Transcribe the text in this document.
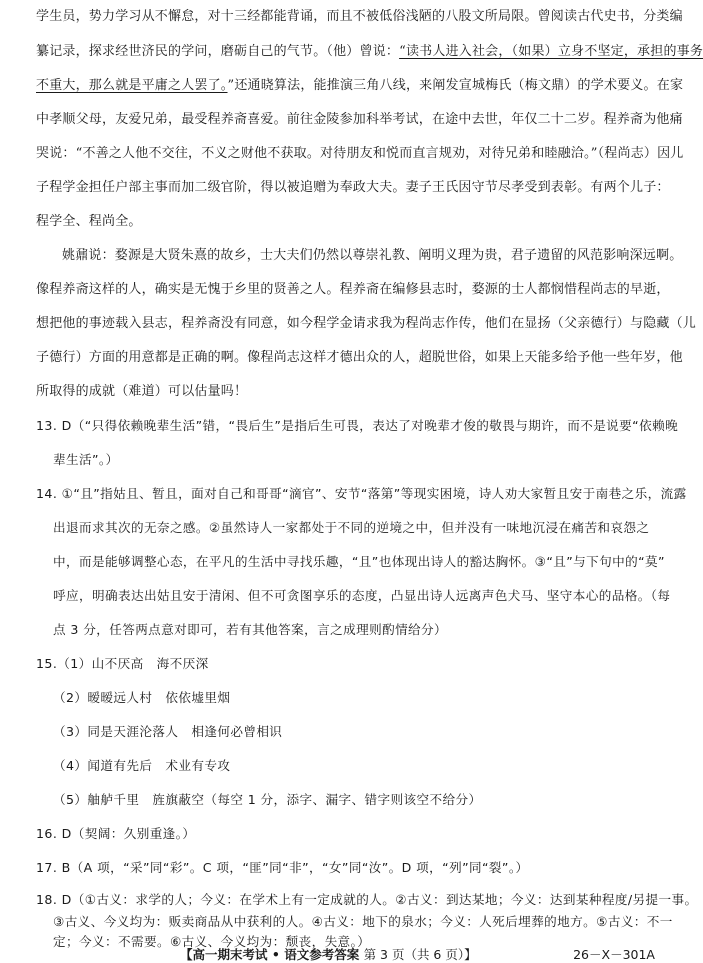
学生员，势力学习从不懈怠，对十三经都能背诵，而且不被低俗浅陋的八股文所局限。曾阅读古代史书，分类编
纂记录，探求经世济民的学问，磨砺自己的气节。（他）曾说：“读书人进入社会，（如果）立身不坚定，承担的事务
不重大，那么就是平庸之人罢了。”还通晓算法，能推演三角八线，来阐发宣城梅氏（梅文鼎）的学术要义。在家
中孝顺父母，友爱兄弟，最受程养斋喜爱。前往金陵参加科举考试，在途中去世，年仅二十二岁。程养斋为他痛
哭说：“不善之人他不交往，不义之财他不获取。对待朋友和悦而直言规劝，对待兄弟和睦融洽。”（程尚志）因儿
子程学金担任户部主事而加二级官阶，得以被追赠为奉政大夫。妻子王氏因守节尽孝受到表彰。有两个儿子：
程学全、程尚全。
姚鼐说：婺源是大贤朱熹的故乡，士大夫们仍然以尊崇礼教、阐明义理为贵，君子遗留的风范影响深远啊。
像程养斋这样的人，确实是无愧于乡里的贤善之人。程养斋在编修县志时，婺源的士人都悯惜程尚志的早逝，
想把他的事迹载入县志，程养斋没有同意，如今程学金请求我为程尚志作传，他们在显扬（父亲德行）与隐藏（儿
子德行）方面的用意都是正确的啊。像程尚志这样才德出众的人，超脱世俗，如果上天能多给予他一些年岁，他
所取得的成就（难道）可以估量吗！
13. D（“只得依赖晚辈生活”错，“畏后生”是指后生可畏，表达了对晚辈才俊的敬畏与期许，而不是说要“依赖晚
辈生活”。）
14. ①“且”指姑且、暂且，面对自己和哥哥“滴官”、安节“落第”等现实困境，诗人劝大家暂且安于南巷之乐，流露
出退而求其次的无奈之感。②虽然诗人一家都处于不同的逆境之中，但并没有一味地沉浸在痛苦和哀怨之
中，而是能够调整心态，在平凡的生活中寻找乐趣，“且”也体现出诗人的豁达胸怀。③“且”与下句中的“莫”
呼应，明确表达出姑且安于清闲、但不可贪图享乐的态度，凸显出诗人远离声色犬马、坚守本心的品格。（每
点 3 分，任答两点意对即可，若有其他答案，言之成理则酌情给分）
15.（1）山不厌高　海不厌深
（2）暧暧远人村　依依墟里烟
（3）同是天涯沦落人　相逢何必曾相识
（4）闻道有先后　术业有专攻
（5）舳舻千里　旌旗蔽空（每空 1 分，添字、漏字、错字则该空不给分）
16. D（契阔：久别重逢。）
17. B（A 项，“采”同“彩”。C 项，“匪”同“非”，“女”同“汝”。D 项，“列”同“裂”。）
18. D（①古义：求学的人；今义：在学术上有一定成就的人。②古义：到达某地；今义：达到某种程度/另提一事。
③古义、今义均为：贩卖商品从中获利的人。④古义：地下的泉水；今义：人死后埋葬的地方。⑤古义：不一
定；今义：不需要。⑥古义、今义均为：颓丧，失意。）
【高一期末考试 • 语文参考答案 第 3 页（共 6 页）】	26－X－301A
